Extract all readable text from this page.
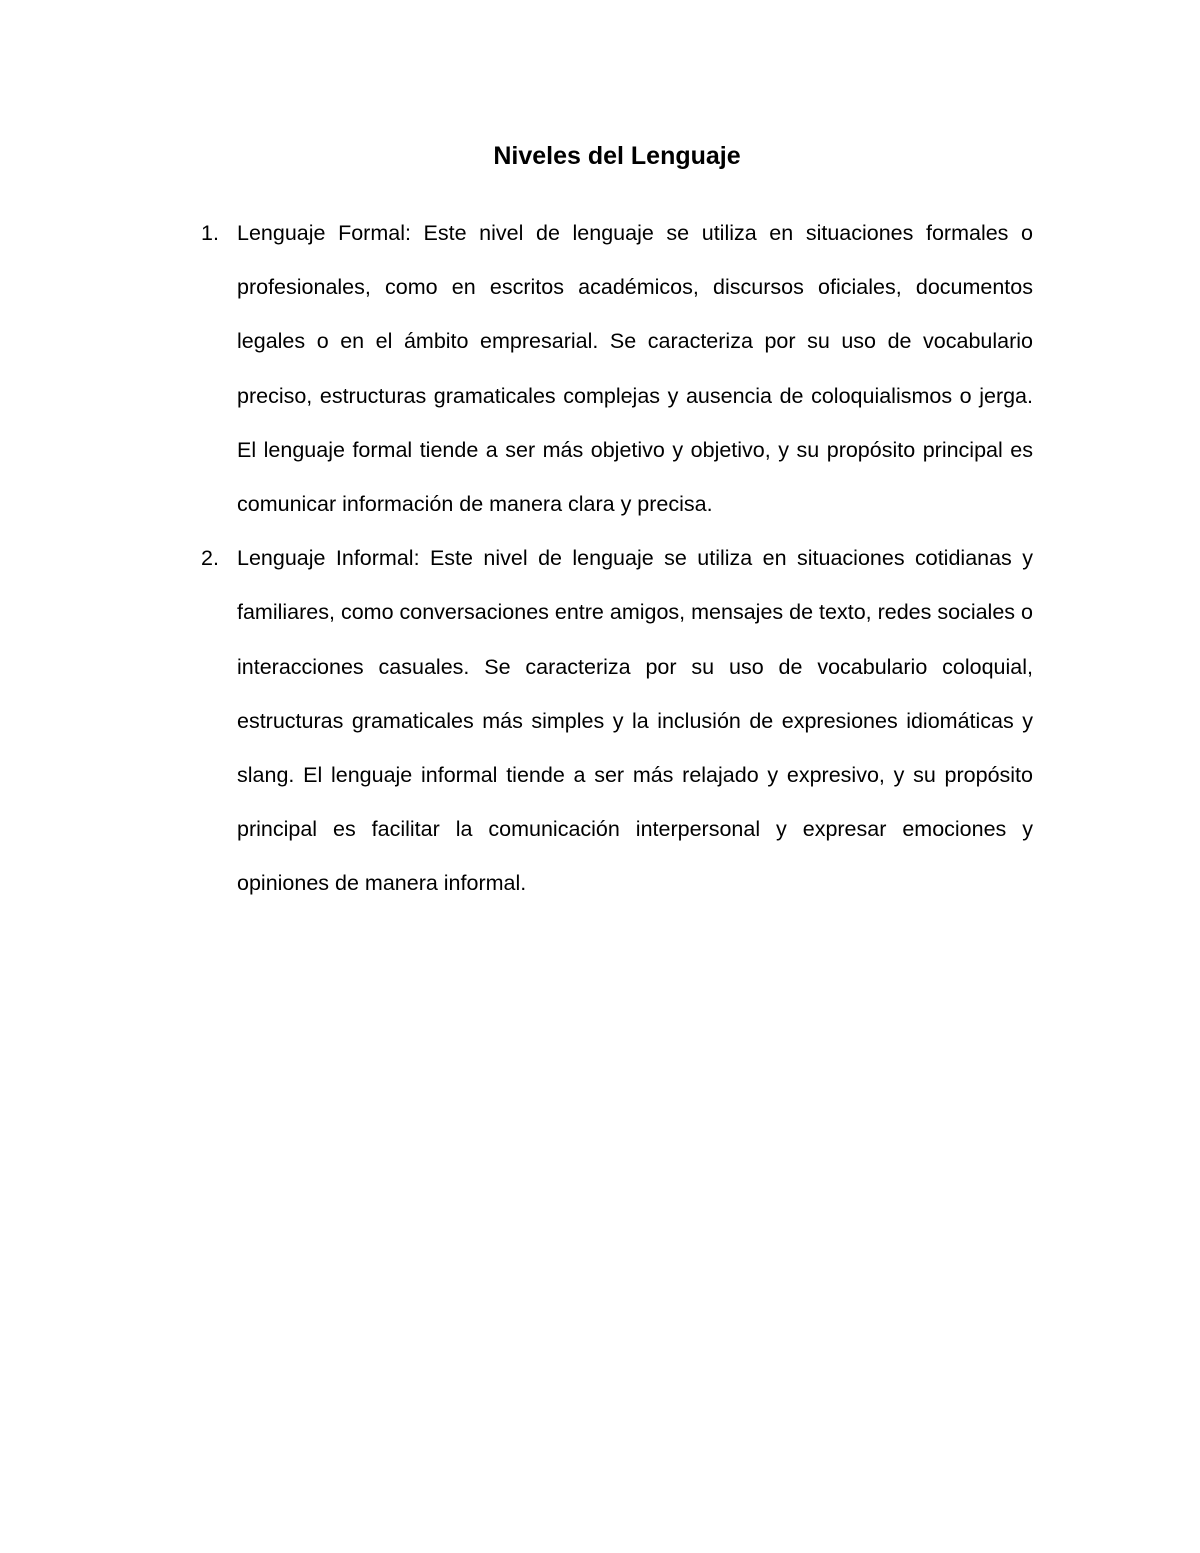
Niveles del Lenguaje
1. Lenguaje Formal: Este nivel de lenguaje se utiliza en situaciones formales o profesionales, como en escritos académicos, discursos oficiales, documentos legales o en el ámbito empresarial. Se caracteriza por su uso de vocabulario preciso, estructuras gramaticales complejas y ausencia de coloquialismos o jerga. El lenguaje formal tiende a ser más objetivo y objetivo, y su propósito principal es comunicar información de manera clara y precisa.
2. Lenguaje Informal: Este nivel de lenguaje se utiliza en situaciones cotidianas y familiares, como conversaciones entre amigos, mensajes de texto, redes sociales o interacciones casuales. Se caracteriza por su uso de vocabulario coloquial, estructuras gramaticales más simples y la inclusión de expresiones idiomáticas y slang. El lenguaje informal tiende a ser más relajado y expresivo, y su propósito principal es facilitar la comunicación interpersonal y expresar emociones y opiniones de manera informal.
